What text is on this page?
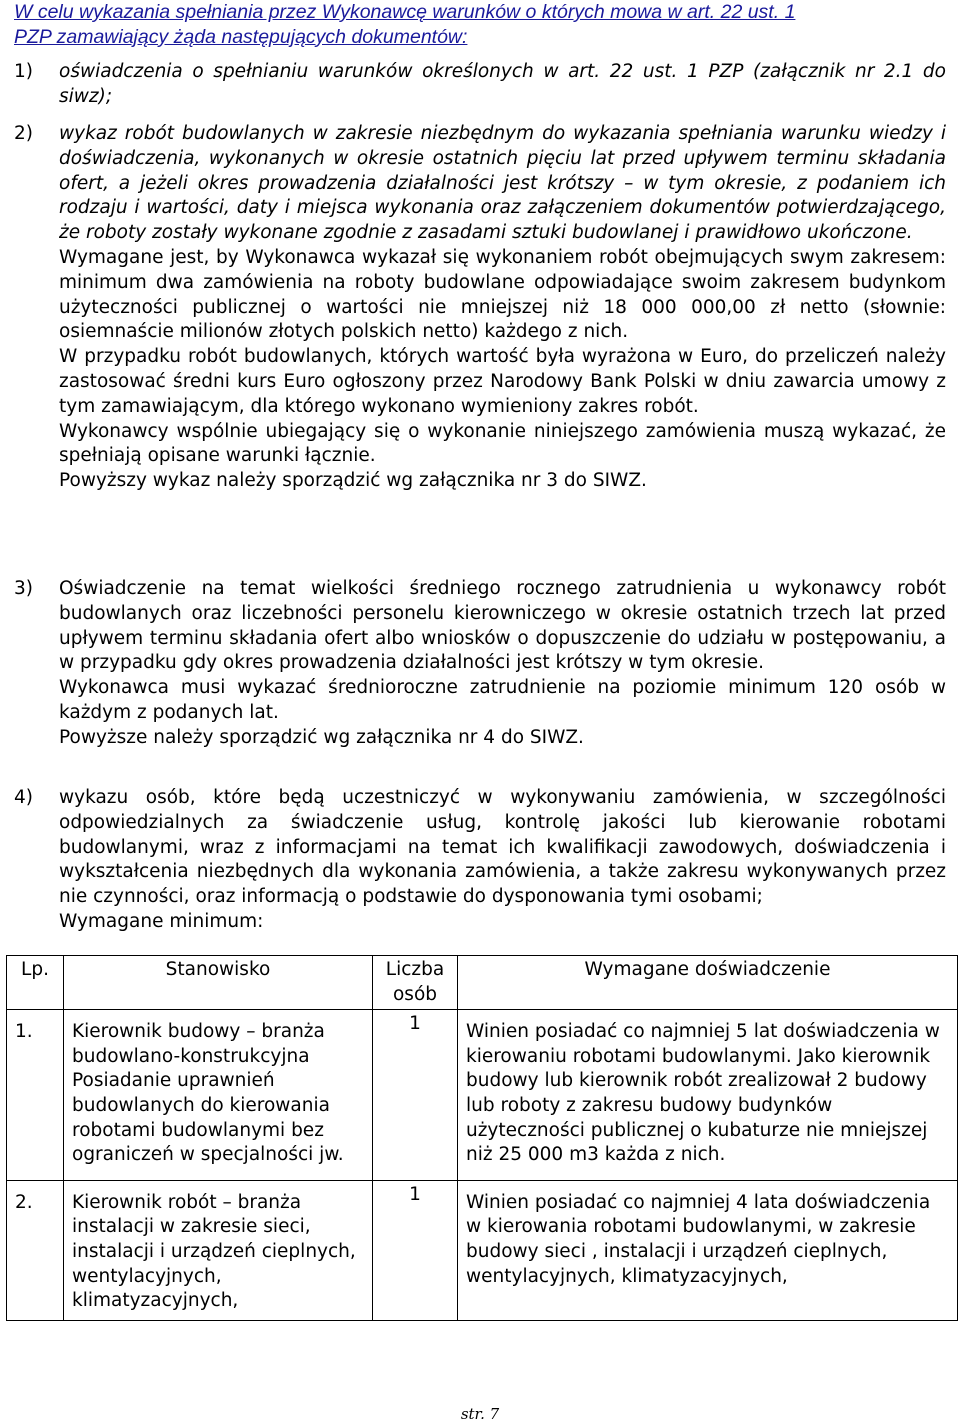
W celu wykazania spełniania przez Wykonawcę warunków o których mowa w art. 22 ust. 1
PZP zamawiający żąda następujących dokumentów:
1) oświadczenia o spełnianiu warunków określonych w art. 22 ust. 1 PZP (załącznik nr 2.1 do siwz);

2) wykaz robót budowlanych w zakresie niezbędnym do wykazania spełniania warunku wiedzy i doświadczenia, wykonanych w okresie ostatnich pięciu lat przed upływem terminu składania ofert, a jeżeli okres prowadzenia działalności jest krótszy – w tym okresie, z podaniem ich rodzaju i wartości, daty i miejsca wykonania oraz załączeniem dokumentów potwierdzającego, że roboty zostały wykonane zgodnie z zasadami sztuki budowlanej i prawidłowo ukończone.

Wymagane jest, by Wykonawca wykazał się wykonaniem robót obejmujących swym zakresem: minimum dwa zamówienia na roboty budowlane odpowiadające swoim zakresem budynkom użyteczności publicznej o wartości nie mniejszej niż 18 000 000,00 zł netto (słownie: osiemnaście milionów złotych polskich netto) każdego z nich.

W przypadku robót budowlanych, których wartość była wyrażona w Euro, do przeliczeń należy zastosować średni kurs Euro ogłoszony przez Narodowy Bank Polski w dniu zawarcia umowy z tym zamawiającym, dla którego wykonano wymieniony zakres robót.

Wykonawcy wspólnie ubiegający się o wykonanie niniejszego zamówienia muszą wykazać, że spełniają opisane warunki łącznie.

Powyższy wykaz należy sporządzić wg załącznika nr 3 do SIWZ.

3) Oświadczenie na temat wielkości średniego rocznego zatrudnienia u wykonawcy robót budowlanych oraz liczebności personelu kierowniczego w okresie ostatnich trzech lat przed upływem terminu składania ofert albo wniosków o dopuszczenie do udziału w postępowaniu, a w przypadku gdy okres prowadzenia działalności jest krótszy w tym okresie.

Wykonawca musi wykazać średnioroczne zatrudnienie na poziomie minimum 120 osób w każdym z podanych lat.

Powyższe należy sporządzić wg załącznika nr 4 do SIWZ.

4) wykazu osób, które będą uczestniczyć w wykonywaniu zamówienia, w szczególności odpowiedzialnych za świadczenie usług, kontrolę jakości lub kierowanie robotami budowlanymi, wraz z informacjami na temat ich kwalifikacji zawodowych, doświadczenia i wykształcenia niezbędnych dla wykonania zamówienia, a także zakresu wykonywanych przez nie czynności, oraz informacją o podstawie do dysponowania tymi osobami;

Wymagane minimum:

Lp.	Stanowisko	Liczba osób	Wymagane doświadczenie
1.	Kierownik budowy – branża budowlano-konstrukcyjna Posiadanie uprawnień budowlanych do kierowania robotami budowlanymi bez ograniczeń w specjalności jw.	1	Winien posiadać co najmniej 5 lat doświadczenia w kierowaniu robotami budowlanymi. Jako kierownik budowy lub kierownik robót zrealizował 2 budowy lub roboty z zakresu budowy budynków użyteczności publicznej o kubaturze nie mniejszej niż 25 000 m3 każda z nich.
2.	Kierownik robót – branża instalacji w zakresie sieci, instalacji i urządzeń cieplnych, wentylacyjnych, klimatyzacyjnych,	1	Winien posiadać co najmniej 4 lata doświadczenia w kierowania robotami budowlanymi, w zakresie budowy sieci , instalacji i urządzeń cieplnych, wentylacyjnych, klimatyzacyjnych,
str. 7
